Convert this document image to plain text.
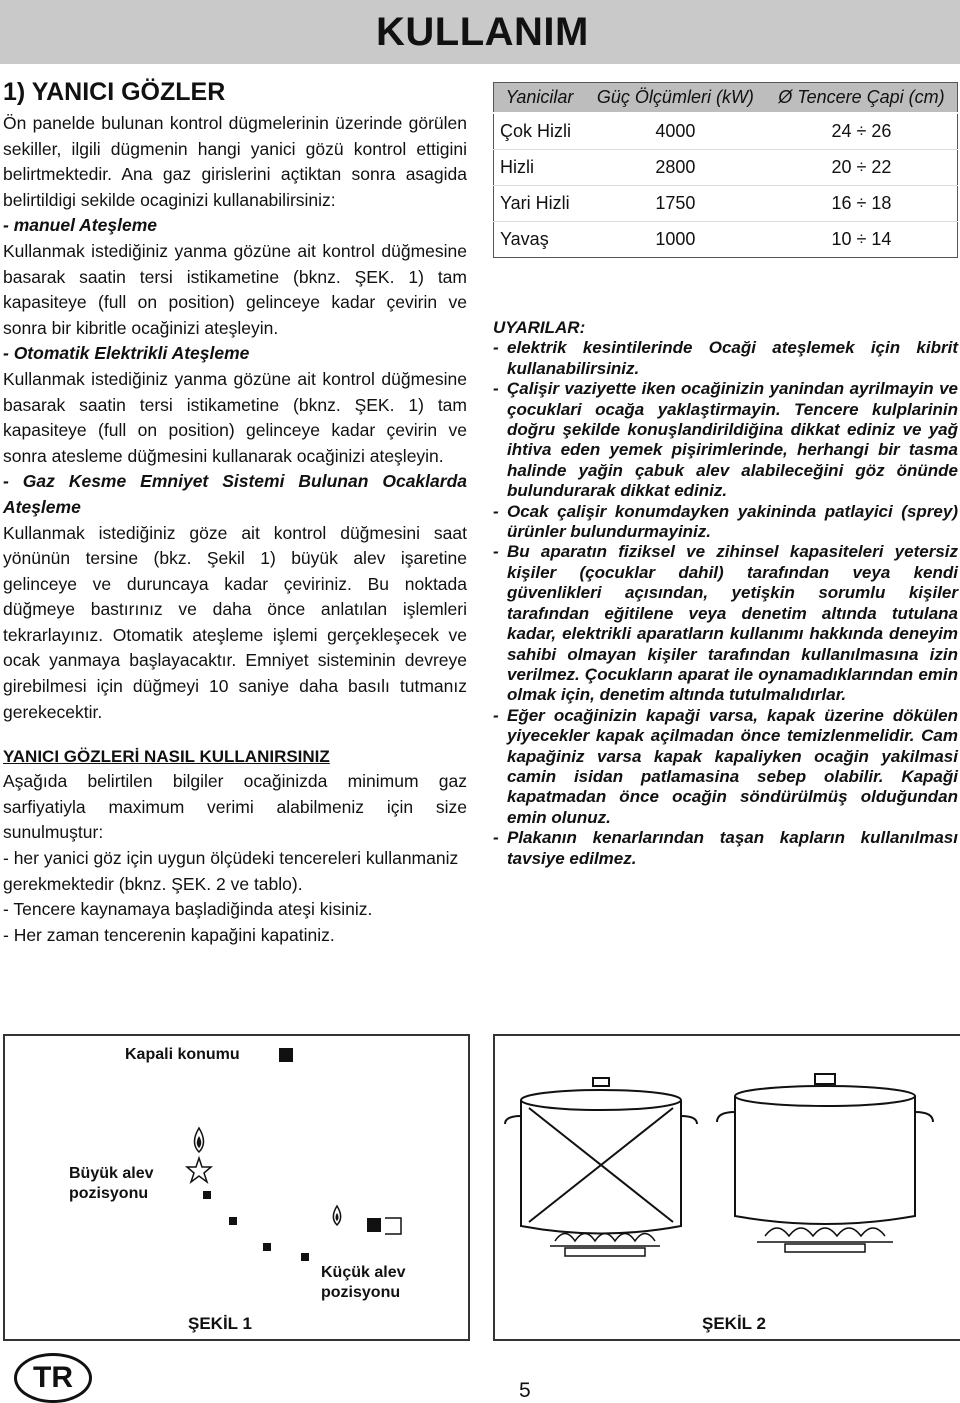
KULLANIM
1) YANICI GÖZLER

Ön panelde bulunan kontrol dügmelerinin üzerinde görülen sekiller, ilgili dügmenin hangi yanici gözü kontrol ettigini belirtmektedir. Ana gaz girislerini açtiktan sonra asagida belirtildigi sekilde ocaginizi kullanabilirsiniz:

- manuel Ateşleme

Kullanmak istediğiniz yanma gözüne ait kontrol düğmesine basarak saatin tersi istikametine (bknz. ŞEK. 1) tam kapasiteye (full on position) gelinceye kadar çevirin ve sonra bir kibritle ocağinizi ateşleyin.

- Otomatik Elektrikli Ateşleme

Kullanmak istediğiniz yanma gözüne ait kontrol düğmesine basarak saatin tersi istikametine (bknz. ŞEK. 1) tam kapasiteye (full on position) gelinceye kadar çevirin ve sonra atesleme düğmesini kullanarak ocağinizi ateşleyin.

- Gaz Kesme Emniyet Sistemi Bulunan Ocaklarda Ateşleme

Kullanmak istediğiniz göze ait kontrol düğmesini saat yönünün tersine (bkz. Şekil 1) büyük alev işaretine gelinceye ve duruncaya kadar çeviriniz. Bu noktada düğmeye bastırınız ve daha önce anlatılan işlemleri tekrarlayınız. Otomatik ateşleme işlemi gerçekleşecek ve ocak yanmaya başlayacaktır. Emniyet sisteminin devreye girebilmesi için düğmeyi 10 saniye daha basılı tutmanız gerekecektir.

YANICI GÖZLERİ NASIL KULLANIRSINIZ

Aşağıda belirtilen bilgiler ocağinizda minimum gaz sarfiyatiyla maximum verimi alabilmeniz için size sunulmuştur:

- her yanici göz için uygun ölçüdeki tencereleri kullanmaniz gerekmektedir (bknz. ŞEK. 2 ve tablo).
- Tencere kaynamaya başladiğinda ateşi kisiniz.
- Her zaman tencerenin kapağini kapatiniz.
Yanicilar	Güç Ölçümleri (kW)	Ø Tencere Çapi (cm)
Çok Hizli	4000	24 ÷ 26
Hizli	2800	20 ÷ 22
Yari Hizli	1750	16 ÷ 18
Yavaş	1000	10 ÷ 14
UYARILAR:
- elektrik kesintilerinde Ocaği ateşlemek için kibrit kullanabilirsiniz.
- Çalişir vaziyette iken ocağinizin yanindan ayrilmayin ve çocuklari ocağa yaklaştirmayin. Tencere kulplarinin doğru şekilde konuşlandirildiğina dikkat ediniz ve yağ ihtiva eden yemek pişirimlerinde, herhangi bir tasma halinde yağin çabuk alev alabileceğini göz önünde bulundurarak dikkat ediniz.
- Ocak çalişir konumdayken yakininda patlayici (sprey) ürünler bulundurmayiniz.
- Bu aparatın fiziksel ve zihinsel kapasiteleri yetersiz kişiler (çocuklar dahil) tarafından veya kendi güvenlikleri açısından, yetişkin sorumlu kişiler tarafından eğitilene veya denetim altında tutulana kadar, elektrikli aparatların kullanımı hakkında deneyim sahibi olmayan kişiler tarafından kullanılmasına izin verilmez. Çocukların aparat ile oynamadıklarından emin olmak için, denetim altında tutulmalıdırlar.
- Eğer ocağinizin kapaği varsa, kapak üzerine dökülen yiyecekler kapak açilmadan önce temizlenmelidir. Cam kapağiniz varsa kapak kapaliyken ocağin yakilmasi camin isidan patlamasina sebep olabilir. Kapaği kapatmadan önce ocağin söndürülmüş olduğundan emin olunuz.
- Plakanın kenarlarından taşan kapların kullanılması tavsiye edilmez.
Kapali konumu
Büyük alev
pozisyonu
Küçük alev
pozisyonu
ŞEKİL 1	ŞEKİL 2
TR	5
